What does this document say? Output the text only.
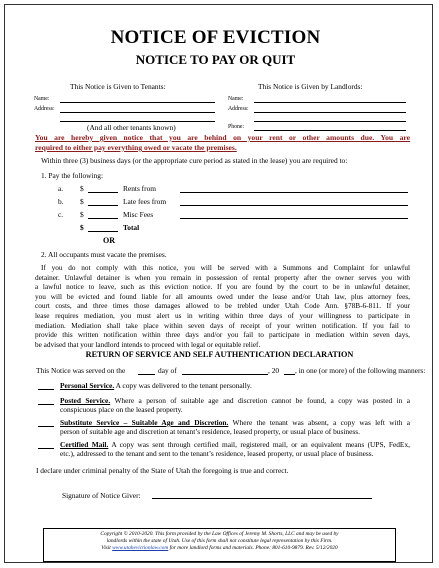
NOTICE OF EVICTION
NOTICE TO PAY OR QUIT
This Notice is Given to Tenants:	This Notice is Given by Landlords:
Name:
Address:
(And all other tenants known)
Name:
Address:
Phone:
You are hereby given notice that you are behind on your rent or other amounts due. You are
required to either pay everything owed or vacate the premises.
Within three (3) business days (or the appropriate cure period as stated in the lease) you are required to:
1. Pay the following:
a. $	Rents from
b. $	Late fees from
c. $	Misc Fees
$	Total
OR
2. All occupants must vacate the premises.
If you do not comply with this notice, you will be served with a Summons and Complaint for unlawful
detainer. Unlawful detainer is when you remain in possession of rental property after the owner serves you with
a lawful notice to leave, such as this eviction notice. If you are found by the court to be in unlawful detainer,
you will be evicted and found liable for all amounts owed under the lease and/or Utah law, plus attorney fees,
court costs, and three times those damages allowed to be trebled under Utah Code Ann. §78B-6-811. If your
lease requires mediation, you must alert us in writing within three days of your willingness to participate in
mediation. Mediation shall take place within seven days of receipt of your written notification. If you fail to
provide this written notification within three days and/or you fail to participate in mediation within seven days,
be advised that your landlord intends to proceed with legal or equitable relief.
RETURN OF SERVICE AND SELF AUTHENTICATION DECLARATION
This Notice was served on the	day of	, 20 , in one (or more) of the following manners:
Personal Service. A copy was delivered to the tenant personally.
Posted Service. Where a person of suitable age and discretion cannot be found, a copy was posted in a
conspicuous place on the leased property.
Substitute Service – Suitable Age and Discretion. Where the tenant was absent, a copy was left with a
person of suitable age and discretion at tenant’s residence, leased property, or usual place of business.
Certified Mail. A copy was sent through certified mail, registered mail, or an equivalent means (UPS, FedEx,
etc.), addressed to the tenant and sent to the tenant’s residence, leased property, or usual place of business.
I declare under criminal penalty of the State of Utah the foregoing is true and correct.
Signature of Notice Giver:
Copyright © 2010-2020. This form provided by the Law Offices of Jeremy M. Shorts, LLC and may be used by
landlords within the state of Utah. Use of this form shall not constitute legal representation by this Firm.
Visit www.utahevictionlaw.com for more landlord forms and materials. Phone: 801-610-9879. Rev. 5/12/2020
